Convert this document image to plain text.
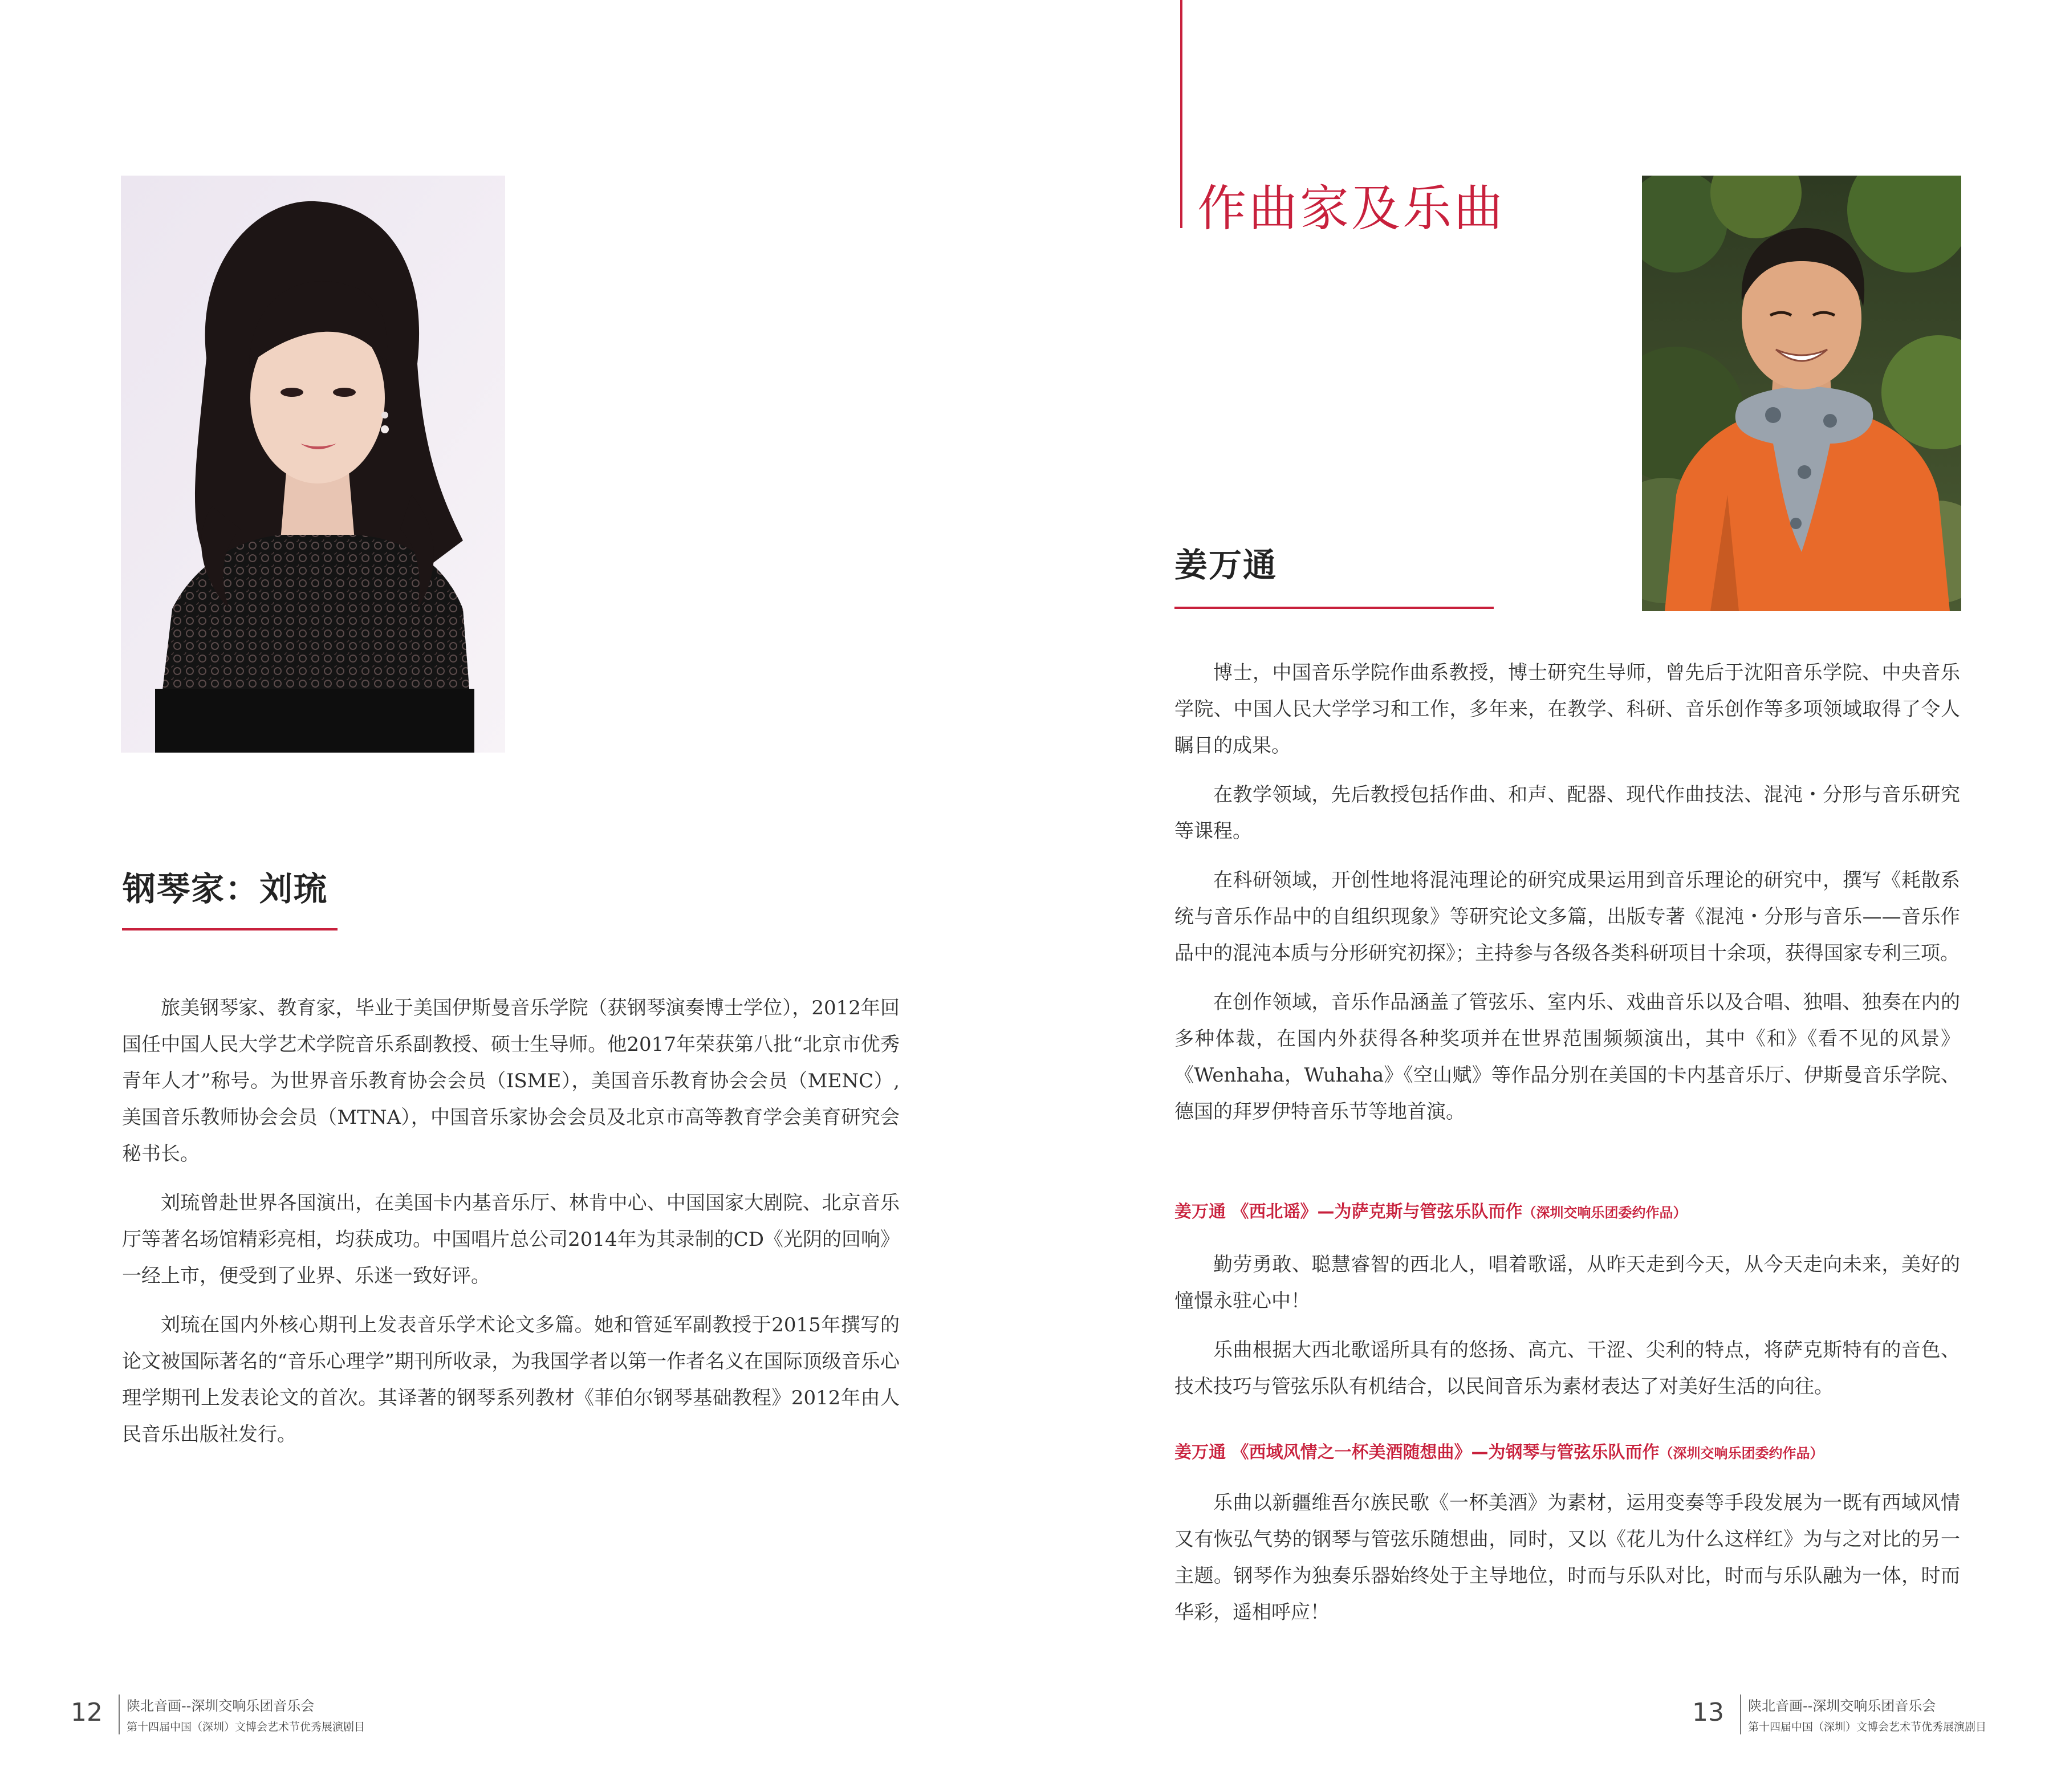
钢琴家：刘琉

旅美钢琴家、教育家，毕业于美国伊斯曼音乐学院（获钢琴演奏博士学位），2012年回国任中国人民大学艺术学院音乐系副教授、硕士生导师。他2017年荣获第八批“北京市优秀青年人才”称号。为世界音乐教育协会会员（ISME），美国音乐教育协会会员（MENC）,美国音乐教师协会会员（MTNA），中国音乐家协会会员及北京市高等教育学会美育研究会秘书长。

刘琉曾赴世界各国演出，在美国卡内基音乐厅、林肯中心、中国国家大剧院、北京音乐厅等著名场馆精彩亮相，均获成功。中国唱片总公司2014年为其录制的CD《光阴的回响》一经上市，便受到了业界、乐迷一致好评。

刘琉在国内外核心期刊上发表音乐学术论文多篇。她和管延军副教授于2015年撰写的论文被国际著名的“音乐心理学”期刊所收录，为我国学者以第一作者名义在国际顶级音乐心理学期刊上发表论文的首次。其译著的钢琴系列教材《菲伯尔钢琴基础教程》2012年由人民音乐出版社发行。

12 陕北音画--深圳交响乐团音乐会
第十四届中国（深圳）文博会艺术节优秀展演剧目
作曲家及乐曲
姜万通

博士，中国音乐学院作曲系教授，博士研究生导师，曾先后于沈阳音乐学院、中央音乐学院、中国人民大学学习和工作，多年来，在教学、科研、音乐创作等多项领域取得了令人瞩目的成果。

在教学领域，先后教授包括作曲、和声、配器、现代作曲技法、混沌・分形与音乐研究等课程。

在科研领域，开创性地将混沌理论的研究成果运用到音乐理论的研究中，撰写《耗散系统与音乐作品中的自组织现象》等研究论文多篇，出版专著《混沌・分形与音乐——音乐作品中的混沌本质与分形研究初探》；主持参与各级各类科研项目十余项，获得国家专利三项。

在创作领域，音乐作品涵盖了管弦乐、室内乐、戏曲音乐以及合唱、独唱、独奏在内的多种体裁，在国内外获得各种奖项并在世界范围频频演出，其中《和》《看不见的风景》《Wenhaha，Wuhaha》《空山赋》等作品分别在美国的卡内基音乐厅、伊斯曼音乐学院、德国的拜罗伊特音乐节等地首演。

姜万通 《西北谣》—为萨克斯与管弦乐队而作（深圳交响乐团委约作品）

勤劳勇敢、聪慧睿智的西北人，唱着歌谣，从昨天走到今天，从今天走向未来，美好的憧憬永驻心中！

乐曲根据大西北歌谣所具有的悠扬、高亢、干涩、尖利的特点，将萨克斯特有的音色、技术技巧与管弦乐队有机结合，以民间音乐为素材表达了对美好生活的向往。

姜万通 《西域风情之一杯美酒随想曲》—为钢琴与管弦乐队而作（深圳交响乐团委约作品）

乐曲以新疆维吾尔族民歌《一杯美酒》为素材，运用变奏等手段发展为一既有西域风情又有恢弘气势的钢琴与管弦乐随想曲，同时，又以《花儿为什么这样红》为与之对比的另一主题。钢琴作为独奏乐器始终处于主导地位，时而与乐队对比，时而与乐队融为一体，时而华彩，遥相呼应！

13 陕北音画--深圳交响乐团音乐会
第十四届中国（深圳）文博会艺术节优秀展演剧目
